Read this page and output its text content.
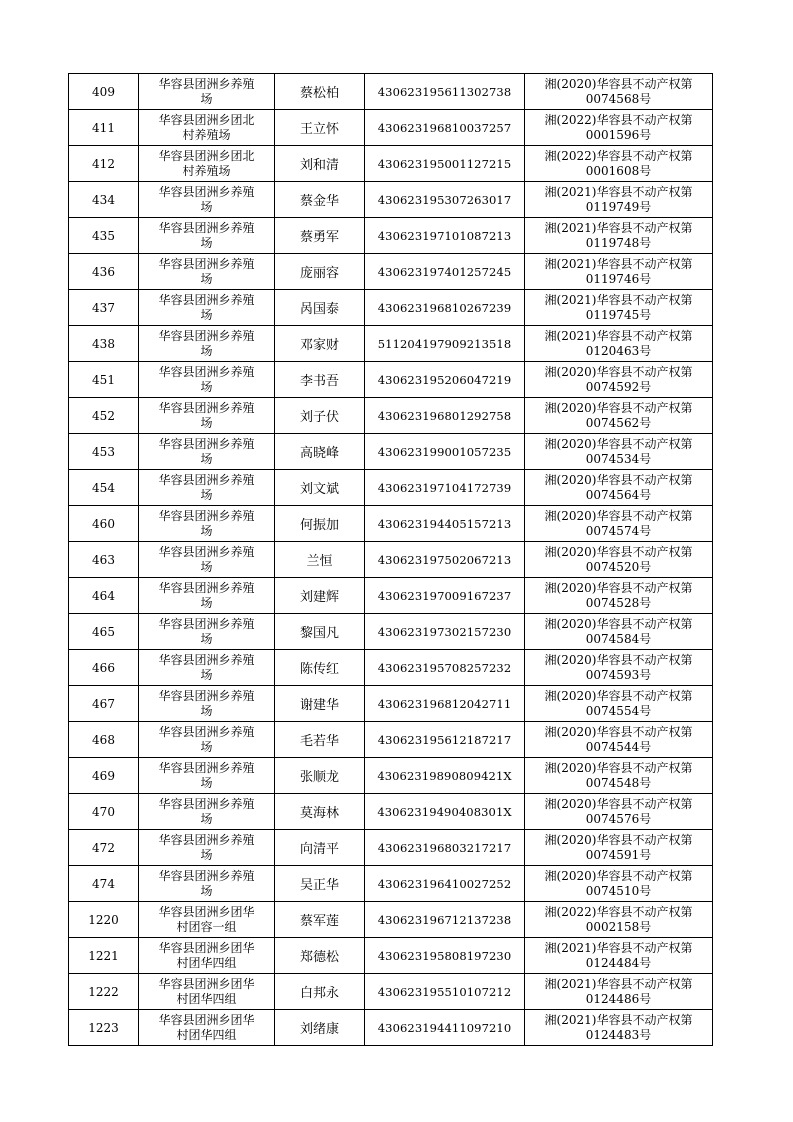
409	华容县团洲乡养殖
场	蔡松柏	430623195611302738	湘(2020)华容县不动产权第
0074568号

411	华容县团洲乡团北
村养殖场	王立怀	430623196810037257	湘(2022)华容县不动产权第
0001596号

412	华容县团洲乡团北
村养殖场	刘和清	430623195001127215	湘(2022)华容县不动产权第
0001608号

434	华容县团洲乡养殖
场	蔡金华	430623195307263017	湘(2021)华容县不动产权第
0119749号

435	华容县团洲乡养殖
场	蔡勇军	430623197101087213	湘(2021)华容县不动产权第
0119748号

436	华容县团洲乡养殖
场	庞丽容	430623197401257245	湘(2021)华容县不动产权第
0119746号

437	华容县团洲乡养殖
场	呙国泰	430623196810267239	湘(2021)华容县不动产权第
0119745号

438	华容县团洲乡养殖
场	邓家财	511204197909213518	湘(2021)华容县不动产权第
0120463号

451	华容县团洲乡养殖
场	李书吾	430623195206047219	湘(2020)华容县不动产权第
0074592号

452	华容县团洲乡养殖
场	刘子伏	430623196801292758	湘(2020)华容县不动产权第
0074562号

453	华容县团洲乡养殖
场	高晓峰	430623199001057235	湘(2020)华容县不动产权第
0074534号

454	华容县团洲乡养殖
场	刘文斌	430623197104172739	湘(2020)华容县不动产权第
0074564号

460	华容县团洲乡养殖
场	何振加	430623194405157213	湘(2020)华容县不动产权第
0074574号

463	华容县团洲乡养殖
场	兰恒	430623197502067213	湘(2020)华容县不动产权第
0074520号

464	华容县团洲乡养殖
场	刘建辉	430623197009167237	湘(2020)华容县不动产权第
0074528号

465	华容县团洲乡养殖
场	黎国凡	430623197302157230	湘(2020)华容县不动产权第
0074584号

466	华容县团洲乡养殖
场	陈传红	430623195708257232	湘(2020)华容县不动产权第
0074593号

467	华容县团洲乡养殖
场	谢建华	430623196812042711	湘(2020)华容县不动产权第
0074554号

468	华容县团洲乡养殖
场	毛若华	430623195612187217	湘(2020)华容县不动产权第
0074544号

469	华容县团洲乡养殖
场	张顺龙	43062319890809421X	湘(2020)华容县不动产权第
0074548号

470	华容县团洲乡养殖
场	莫海林	43062319490408301X	湘(2020)华容县不动产权第
0074576号

472	华容县团洲乡养殖
场	向清平	430623196803217217	湘(2020)华容县不动产权第
0074591号

474	华容县团洲乡养殖
场	吴正华	430623196410027252	湘(2020)华容县不动产权第
0074510号

1220	华容县团洲乡团华
村团容一组	蔡军莲	430623196712137238	湘(2022)华容县不动产权第
0002158号

1221	华容县团洲乡团华
村团华四组	郑德松	430623195808197230	湘(2021)华容县不动产权第
0124484号

1222	华容县团洲乡团华
村团华四组	白邦永	430623195510107212	湘(2021)华容县不动产权第
0124486号

1223	华容县团洲乡团华
村团华四组	刘绪康	430623194411097210	湘(2021)华容县不动产权第
0124483号
